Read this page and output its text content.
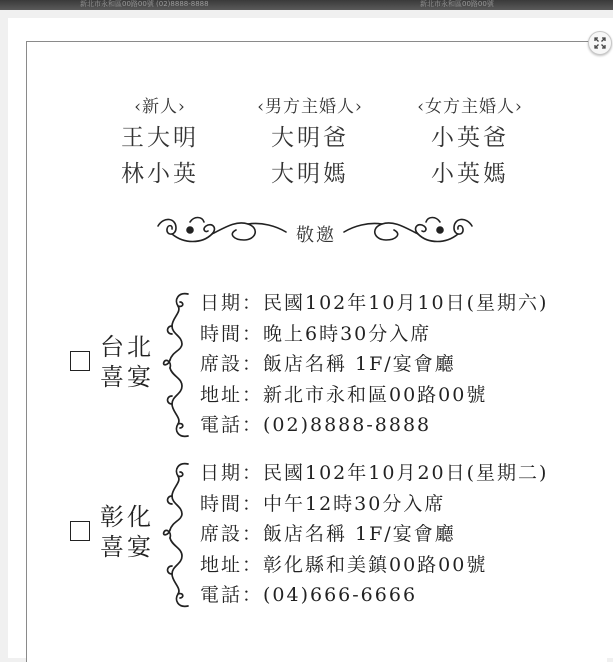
新北市永和區00路00號 (02)8888-8888	新北市永和區00路00號
‹新人›
王大明
林小英
‹男方主婚人›
大明爸
大明媽
‹女方主婚人›
小英爸
小英媽
敬邀
台北
喜宴
日期：民國102年10月10日(星期六)
時間：晚上6時30分入席
席設：飯店名稱 1F/宴會廳
地址：新北市永和區00路00號
電話：(02)8888-8888
彰化
喜宴
日期：民國102年10月20日(星期二)
時間：中午12時30分入席
席設：飯店名稱 1F/宴會廳
地址：彰化縣和美鎮00路00號
電話：(04)666-6666
